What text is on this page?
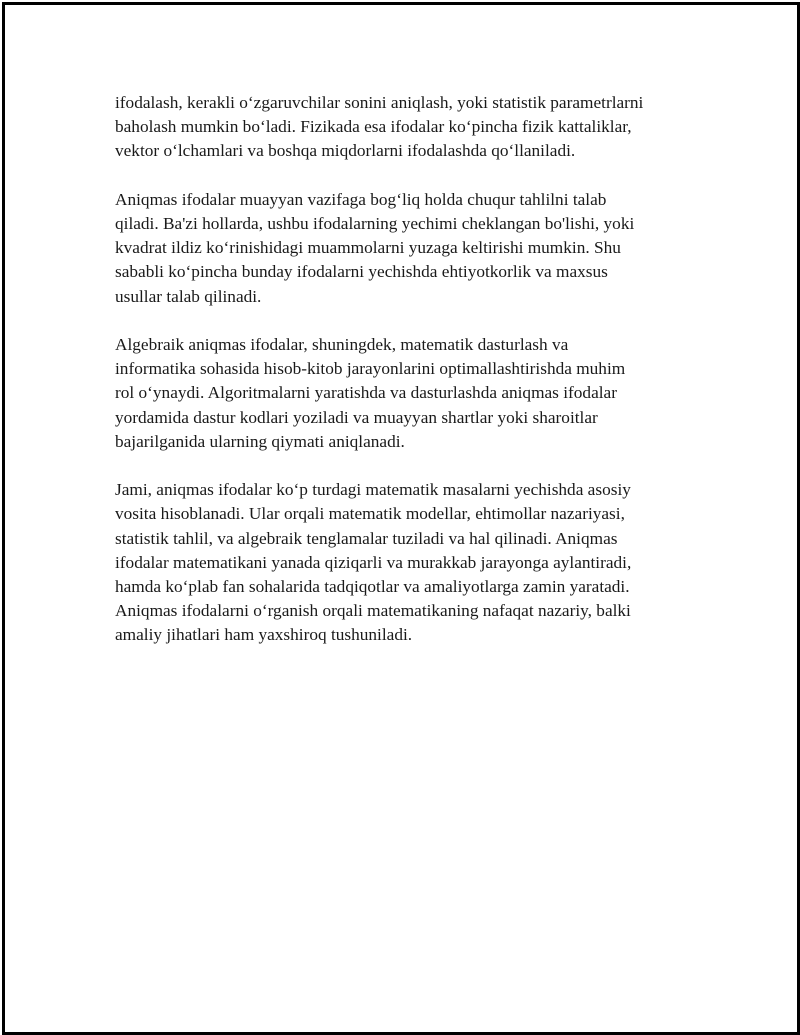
ifodalash, kerakli o‘zgaruvchilar sonini aniqlash, yoki statistik parametrlarni
baholash mumkin bo‘ladi. Fizikada esa ifodalar ko‘pincha fizik kattaliklar,
vektor o‘lchamlari va boshqa miqdorlarni ifodalashda qo‘llaniladi.

Aniqmas ifodalar muayyan vazifaga bog‘liq holda chuqur tahlilni talab
qiladi. Ba'zi hollarda, ushbu ifodalarning yechimi cheklangan bo'lishi, yoki
kvadrat ildiz ko‘rinishidagi muammolarni yuzaga keltirishi mumkin. Shu
sababli ko‘pincha bunday ifodalarni yechishda ehtiyotkorlik va maxsus
usullar talab qilinadi.

Algebraik aniqmas ifodalar, shuningdek, matematik dasturlash va
informatika sohasida hisob-kitob jarayonlarini optimallashtirishda muhim
rol o‘ynaydi. Algoritmalarni yaratishda va dasturlashda aniqmas ifodalar
yordamida dastur kodlari yoziladi va muayyan shartlar yoki sharoitlar
bajarilganida ularning qiymati aniqlanadi.

Jami, aniqmas ifodalar ko‘p turdagi matematik masalarni yechishda asosiy
vosita hisoblanadi. Ular orqali matematik modellar, ehtimollar nazariyasi,
statistik tahlil, va algebraik tenglamalar tuziladi va hal qilinadi. Aniqmas
ifodalar matematikani yanada qiziqarli va murakkab jarayonga aylantiradi,
hamda ko‘plab fan sohalarida tadqiqotlar va amaliyotlarga zamin yaratadi.
Aniqmas ifodalarni o‘rganish orqali matematikaning nafaqat nazariy, balki
amaliy jihatlari ham yaxshiroq tushuniladi.
